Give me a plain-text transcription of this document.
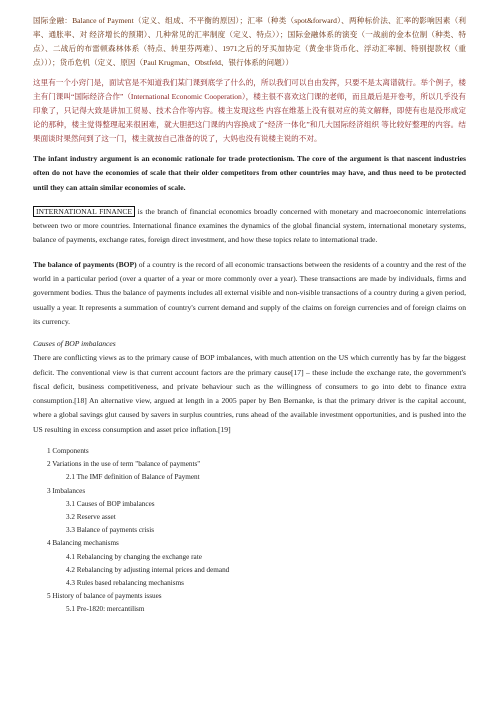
国际金融：Balance of Payment（定义、组成、不平衡的原因）；汇率（种类（spot&forward）、两种标价法、汇率的影响因素（利率、通胀率、对 经济增长的预期）、几种常见的汇率制度（定义、特点））；国际金融体系的演变（一战前的金本位制（种类、特点）、二战后的布雷顿森林体系（特点、转里芬两难）、1971之后的牙买加协定（黄金非货币化、浮动汇率制、特别提款权（重点）））；货币危机（定义、原因（Paul Krugman、Obstfeld、银行体系的问题））
这里有一个小窍门是，面试官是不知道我们某门课到底学了什么的，所以我们可以自由发挥，只要不是太离谱就行。举个例子，楼主有门课叫“国际经济合作”（International Economic Cooperation），楼主很不喜欢这门课的老师，而且最后是开卷考，所以几乎没有印象了，只记得大致是讲加工贸易、技术合作等内容。楼主发现这些 内容在维基上没有很对应的英文解释，即使有也是没形成定论的那种，楼主觉得整理起来很困难，就大胆把这门课的内容换成了“经济一体化”和几大国际经济组织 等比较好整理的内容。结果面谈时果然问到了这一门，楼主就按自己准备的说了，大妈也没有说楼主说的不对。
The infant industry argument is an economic rationale for trade protectionism. The core of the argument is that nascent industries often do not have the economies of scale that their older competitors from other countries may have, and thus need to be protected until they can attain similar economies of scale.
INTERNATIONAL FINANCE is the branch of financial economics broadly concerned with monetary and macroeconomic interrelations between two or more countries. International finance examines the dynamics of the global financial system, international monetary systems, balance of payments, exchange rates, foreign direct investment, and how these topics relate to international trade.
The balance of payments (BOP) of a country is the record of all economic transactions between the residents of a country and the rest of the world in a particular period (over a quarter of a year or more commonly over a year). These transactions are made by individuals, firms and government bodies. Thus the balance of payments includes all external visible and non-visible transactions of a country during a given period, usually a year. It represents a summation of country's current demand and supply of the claims on foreign currencies and of foreign claims on its currency.
Causes of BOP imbalances
There are conflicting views as to the primary cause of BOP imbalances, with much attention on the US which currently has by far the biggest deficit. The conventional view is that current account factors are the primary cause[17] – these include the exchange rate, the government's fiscal deficit, business competitiveness, and private behaviour such as the willingness of consumers to go into debt to finance extra consumption.[18] An alternative view, argued at length in a 2005 paper by Ben Bernanke, is that the primary driver is the capital account, where a global savings glut caused by savers in surplus countries, runs ahead of the available investment opportunities, and is pushed into the US resulting in excess consumption and asset price inflation.[19]
1 Components
2 Variations in the use of term "balance of payments"
2.1 The IMF definition of Balance of Payment
3 Imbalances
3.1 Causes of BOP imbalances
3.2 Reserve asset
3.3 Balance of payments crisis
4 Balancing mechanisms
4.1 Rebalancing by changing the exchange rate
4.2 Rebalancing by adjusting internal prices and demand
4.3 Rules based rebalancing mechanisms
5 History of balance of payments issues
5.1 Pre-1820: mercantilism
